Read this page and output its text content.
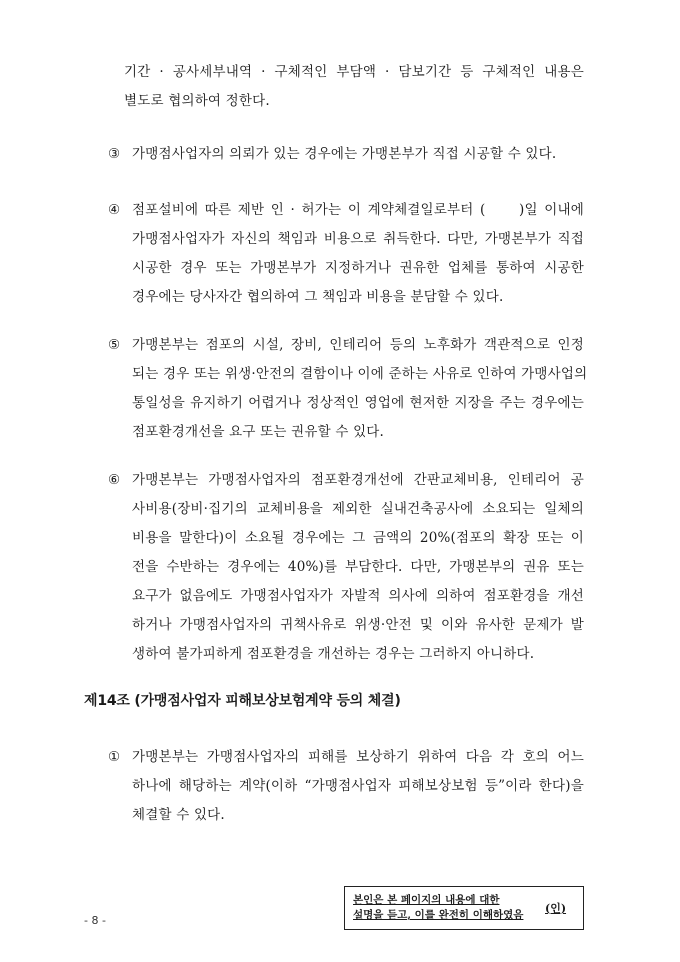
기간 · 공사세부내역 · 구체적인 부담액 · 담보기간 등 구체적인 내용은
별도로 협의하여 정한다.
③ 가맹점사업자의 의뢰가 있는 경우에는 가맹본부가 직접 시공할 수 있다.
④ 점포설비에 따른 제반 인 · 허가는 이 계약체결일로부터 (　　)일 이내에
가맹점사업자가 자신의 책임과 비용으로 취득한다. 다만, 가맹본부가 직접
시공한 경우 또는 가맹본부가 지정하거나 권유한 업체를 통하여 시공한
경우에는 당사자간 협의하여 그 책임과 비용을 분담할 수 있다.
⑤ 가맹본부는 점포의 시설, 장비, 인테리어 등의 노후화가 객관적으로 인정
되는 경우 또는 위생·안전의 결함이나 이에 준하는 사유로 인하여 가맹사업의
통일성을 유지하기 어렵거나 정상적인 영업에 현저한 지장을 주는 경우에는
점포환경개선을 요구 또는 권유할 수 있다.
⑥ 가맹본부는 가맹점사업자의 점포환경개선에 간판교체비용, 인테리어 공
사비용(장비·집기의 교체비용을 제외한 실내건축공사에 소요되는 일체의
비용을 말한다)이 소요될 경우에는 그 금액의 20%(점포의 확장 또는 이
전을 수반하는 경우에는 40%)를 부담한다. 다만, 가맹본부의 권유 또는
요구가 없음에도 가맹점사업자가 자발적 의사에 의하여 점포환경을 개선
하거나 가맹점사업자의 귀책사유로 위생·안전 및 이와 유사한 문제가 발
생하여 불가피하게 점포환경을 개선하는 경우는 그러하지 아니하다.
제14조 (가맹점사업자 피해보상보험계약 등의 체결)
① 가맹본부는 가맹점사업자의 피해를 보상하기 위하여 다음 각 호의 어느
하나에 해당하는 계약(이하 “가맹점사업자 피해보상보험 등”이라 한다)을
체결할 수 있다.
- 8 -
본인은 본 페이지의 내용에 대한
설명을 듣고, 이를 완전히 이해하였음	(인)
